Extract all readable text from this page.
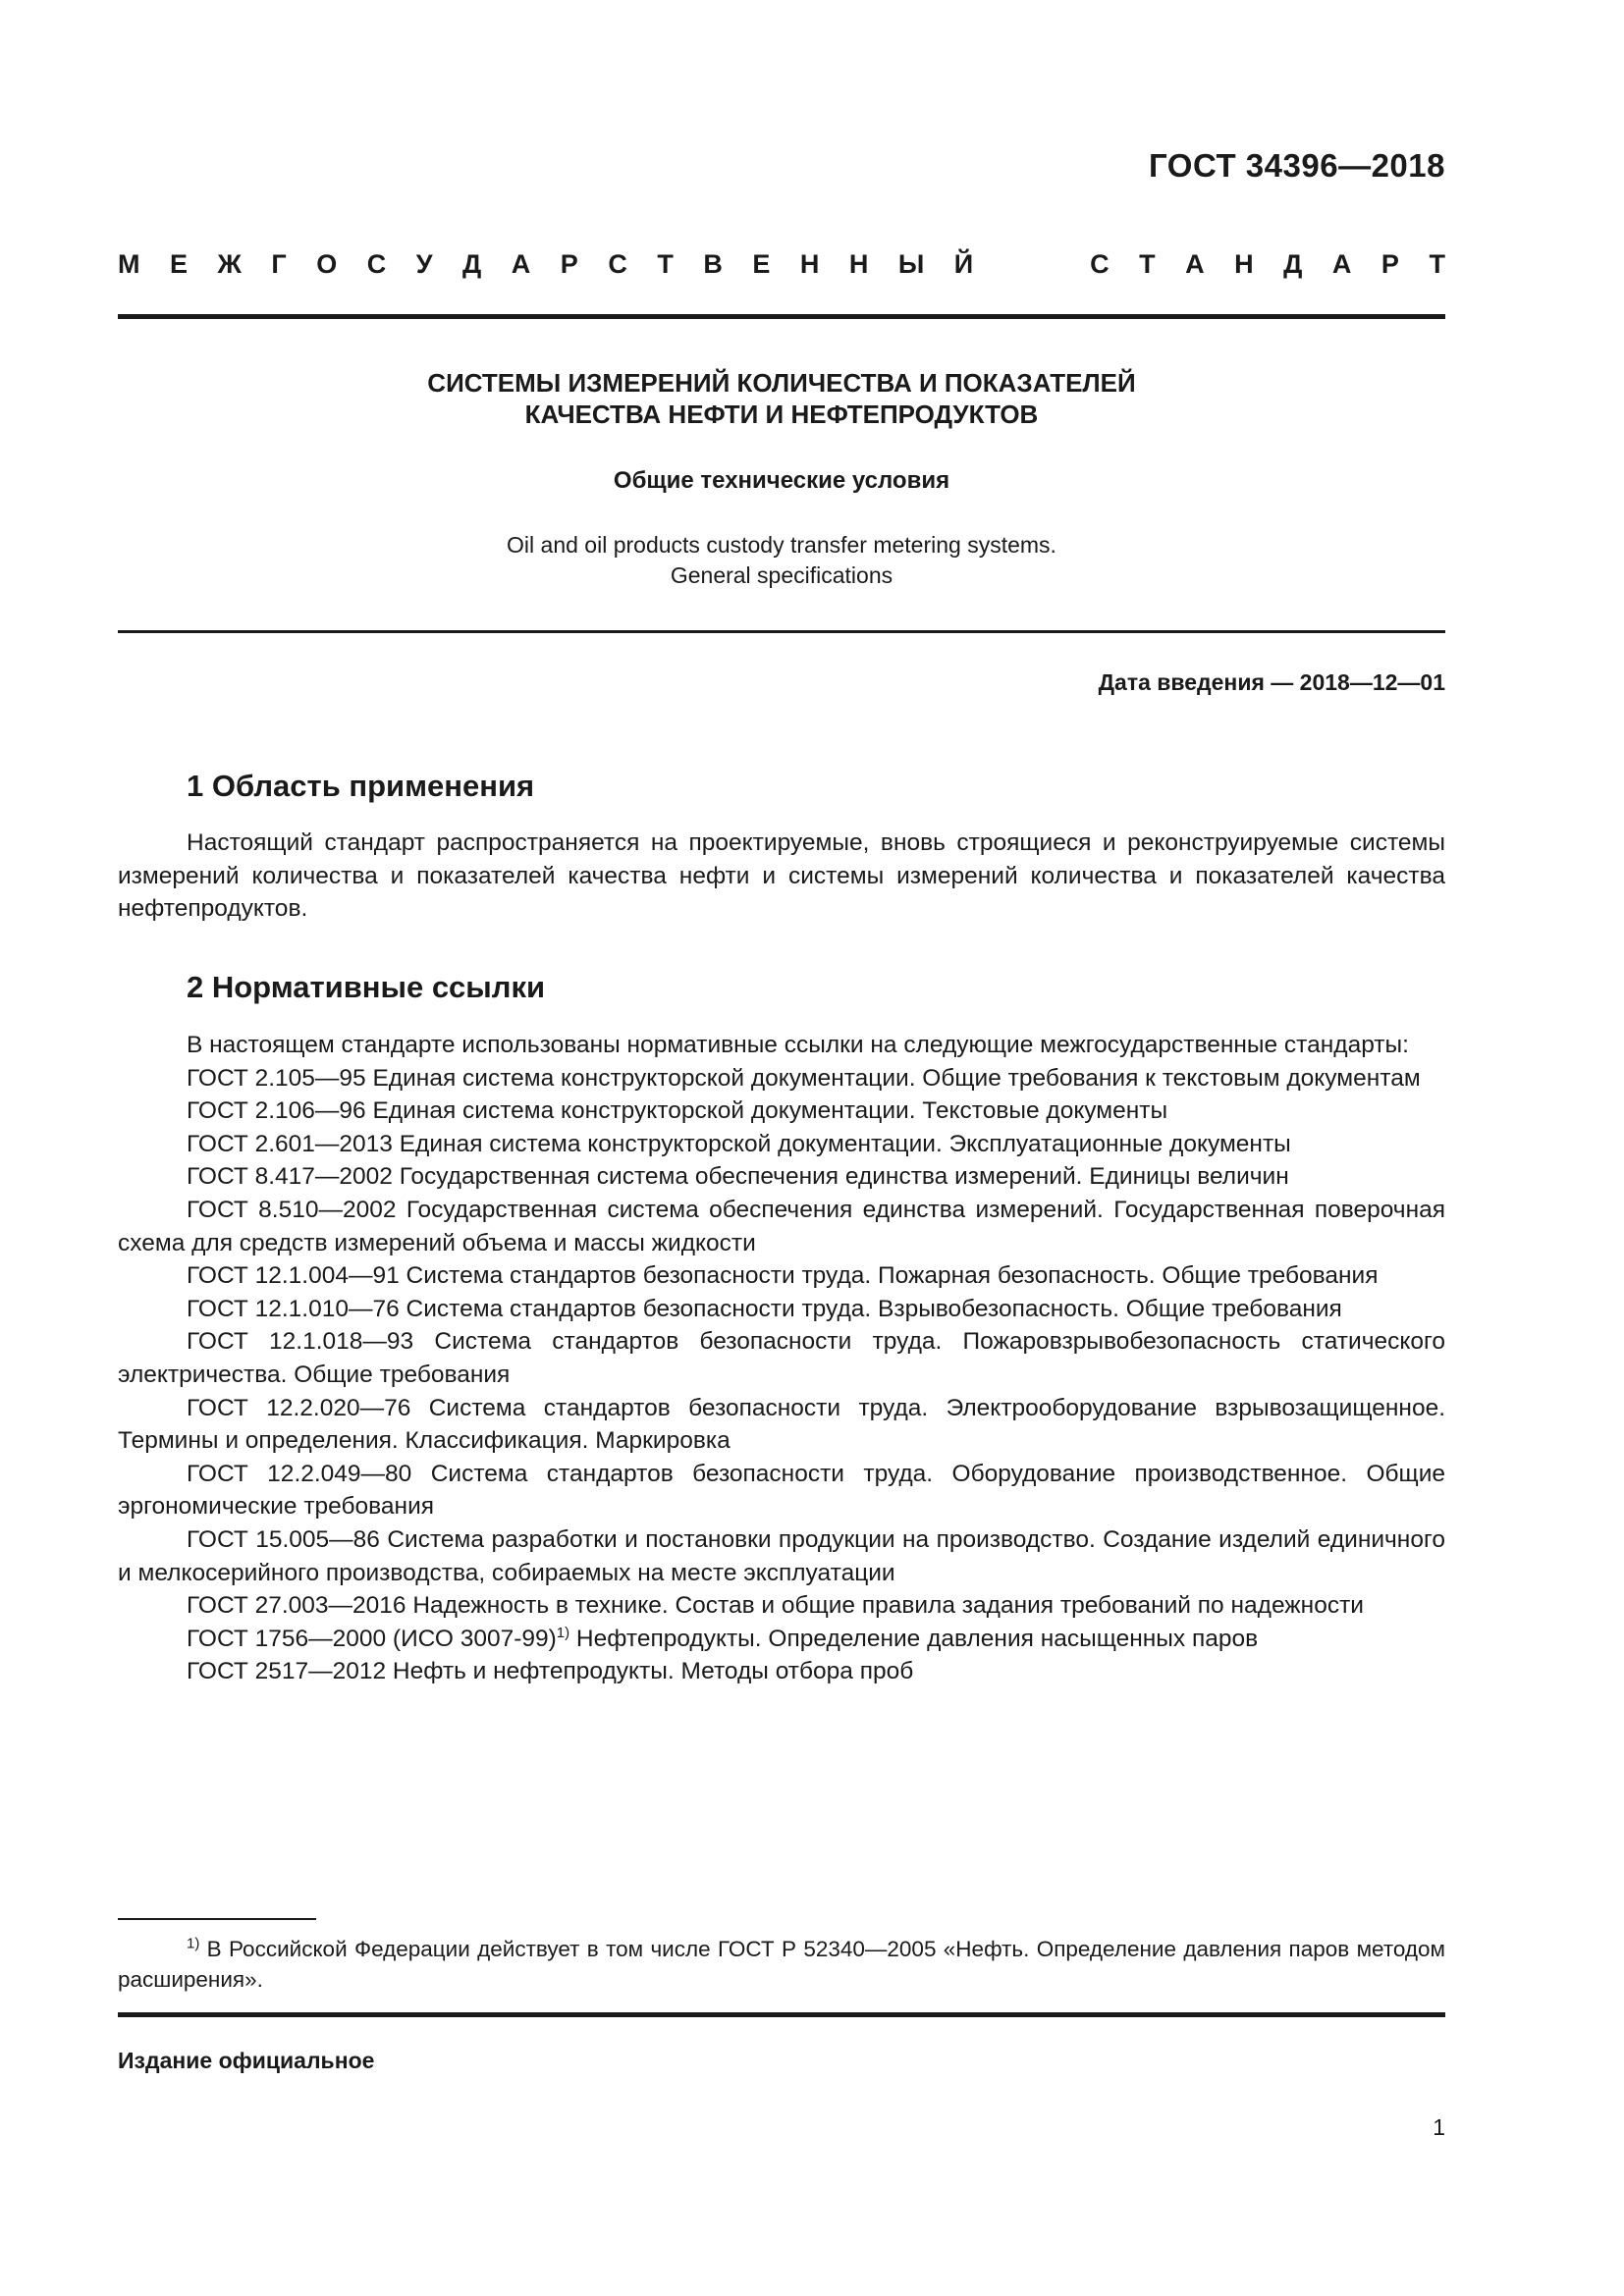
ГОСТ 34396—2018
М Е Ж Г О С У Д А Р С Т В Е Н Н Ы Й	С Т А Н Д А Р Т
СИСТЕМЫ ИЗМЕРЕНИЙ КОЛИЧЕСТВА И ПОКАЗАТЕЛЕЙ
КАЧЕСТВА НЕФТИ И НЕФТЕПРОДУКТОВ
Общие технические условия
Oil and oil products custody transfer metering systems.
General specifications
Дата введения — 2018—12—01
1 Область применения

Настоящий стандарт распространяется на проектируемые, вновь строящиеся и реконструируемые системы измерений количества и показателей качества нефти и системы измерений количества и показателей качества нефтепродуктов.

2 Нормативные ссылки

В настоящем стандарте использованы нормативные ссылки на следующие межгосударственные стандарты:

ГОСТ 2.105—95 Единая система конструкторской документации. Общие требования к текстовым документам

ГОСТ 2.106—96 Единая система конструкторской документации. Текстовые документы

ГОСТ 2.601—2013 Единая система конструкторской документации. Эксплуатационные документы

ГОСТ 8.417—2002 Государственная система обеспечения единства измерений. Единицы величин

ГОСТ 8.510—2002 Государственная система обеспечения единства измерений. Государственная поверочная схема для средств измерений объема и массы жидкости

ГОСТ 12.1.004—91 Система стандартов безопасности труда. Пожарная безопасность. Общие требования

ГОСТ 12.1.010—76 Система стандартов безопасности труда. Взрывобезопасность. Общие требования

ГОСТ 12.1.018—93 Система стандартов безопасности труда. Пожаровзрывобезопасность статического электричества. Общие требования

ГОСТ 12.2.020—76 Система стандартов безопасности труда. Электрооборудование взрывозащищенное. Термины и определения. Классификация. Маркировка

ГОСТ 12.2.049—80 Система стандартов безопасности труда. Оборудование производственное. Общие эргономические требования

ГОСТ 15.005—86 Система разработки и постановки продукции на производство. Создание изделий единичного и мелкосерийного производства, собираемых на месте эксплуатации

ГОСТ 27.003—2016 Надежность в технике. Состав и общие правила задания требований по надежности

ГОСТ 1756—2000 (ИСО 3007-99)$^{1)}$ Нефтепродукты. Определение давления насыщенных паров

ГОСТ 2517—2012 Нефть и нефтепродукты. Методы отбора проб

$^{1)}$ В Российской Федерации действует в том числе ГОСТ Р 52340—2005 «Нефть. Определение давления паров методом расширения».

Издание официальное
1
